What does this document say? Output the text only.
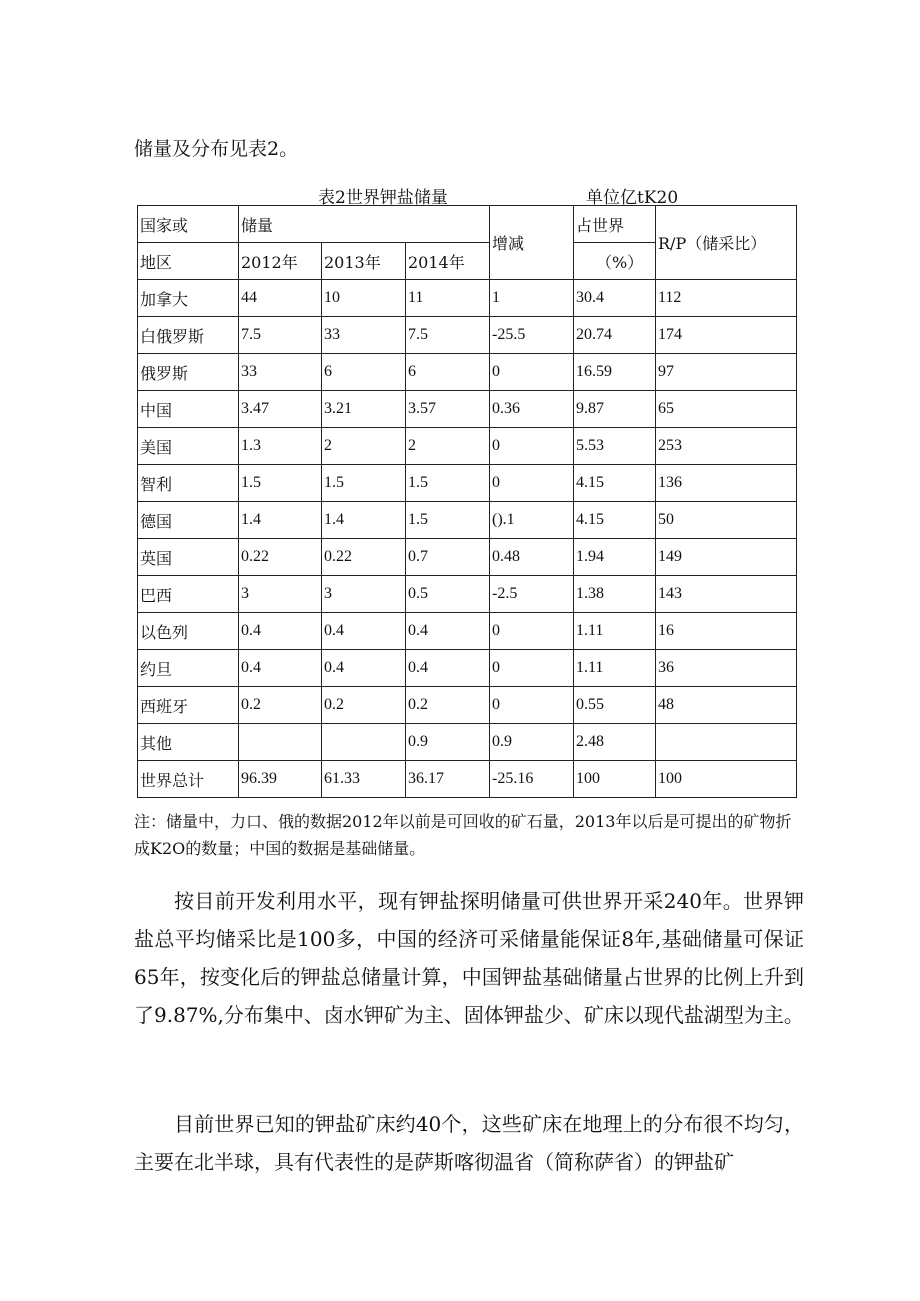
储量及分布见表2。

表2世界钾盐储量	单位亿tK20
国家或	储量			增减	占世界	R/P（储采比）
地区	2012年	2013年	2014年		（%）	
加拿大	44	10	11	1	30.4	112
白俄罗斯	7.5	33	7.5	-25.5	20.74	174
俄罗斯	33	6	6	0	16.59	97
中国	3.47	3.21	3.57	0.36	9.87	65
美国	1.3	2	2	0	5.53	253
智利	1.5	1.5	1.5	0	4.15	136
德国	1.4	1.4	1.5	().1	4.15	50
英国	0.22	0.22	0.7	0.48	1.94	149
巴西	3	3	0.5	-2.5	1.38	143
以色列	0.4	0.4	0.4	0	1.11	16
约旦	0.4	0.4	0.4	0	1.11	36
西班牙	0.2	0.2	0.2	0	0.55	48
其他			0.9	0.9	2.48	
世界总计	96.39	61.33	36.17	-25.16	100	100

注：储量中，力口、俄的数据2012年以前是可回收的矿石量，2013年以后是可提出的矿物折成K2O的数量；中国的数据是基础储量。

按目前开发利用水平，现有钾盐探明储量可供世界开采240年。世界钾盐总平均储采比是100多，中国的经济可采储量能保证8年,基础储量可保证65年，按变化后的钾盐总储量计算，中国钾盐基础储量占世界的比例上升到了9.87%,分布集中、卤水钾矿为主、固体钾盐少、矿床以现代盐湖型为主。

目前世界已知的钾盐矿床约40个，这些矿床在地理上的分布很不均匀，主要在北半球，具有代表性的是萨斯喀彻温省（简称萨省）的钾盐矿
